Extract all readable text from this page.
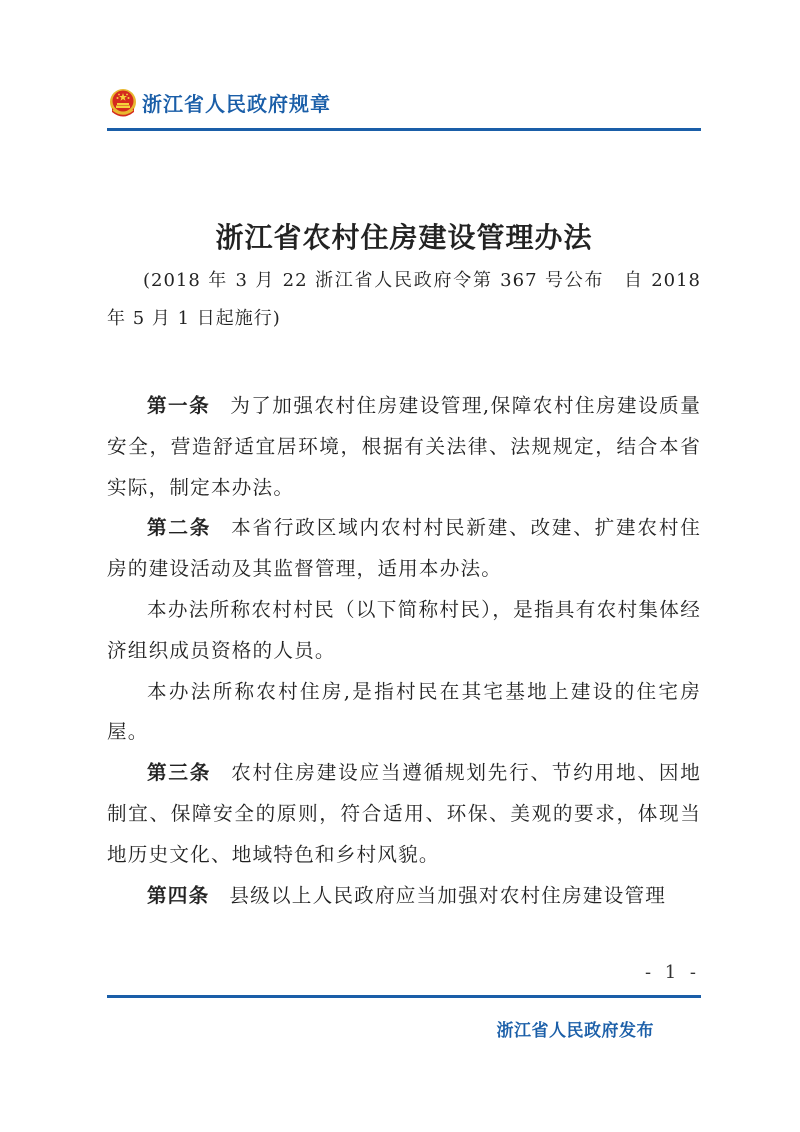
浙江省人民政府规章
浙江省农村住房建设管理办法

(2018 年 3 月 22 浙江省人民政府令第 367 号公布　自 2018 年 5 月 1 日起施行)

第一条 为了加强农村住房建设管理,保障农村住房建设质量安全，营造舒适宜居环境，根据有关法律、法规规定，结合本省实际，制定本办法。

第二条 本省行政区域内农村村民新建、改建、扩建农村住房的建设活动及其监督管理，适用本办法。

本办法所称农村村民（以下简称村民），是指具有农村集体经济组织成员资格的人员。

本办法所称农村住房,是指村民在其宅基地上建设的住宅房屋。

第三条 农村住房建设应当遵循规划先行、节约用地、因地制宜、保障安全的原则，符合适用、环保、美观的要求，体现当地历史文化、地域特色和乡村风貌。

第四条 县级以上人民政府应当加强对农村住房建设管理

- 1 -
浙江省人民政府发布
